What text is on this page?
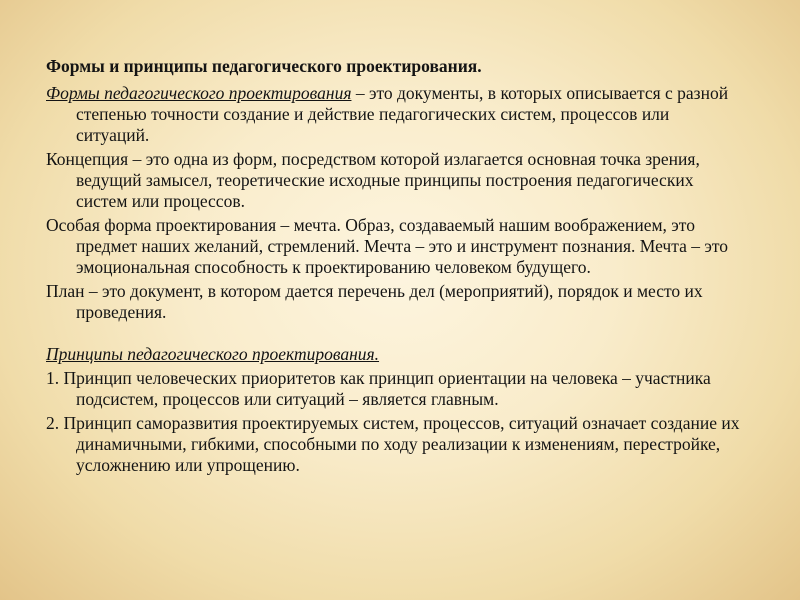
Формы и принципы педагогического проектирования.
Формы педагогического проектирования – это документы, в которых описывается с разной степенью точности создание и действие педагогических систем, процессов или ситуаций.
Концепция – это одна из форм, посредством которой излагается основная точка зрения, ведущий замысел, теоретические исходные принципы построения педагогических систем или процессов.
Особая форма проектирования – мечта. Образ, создаваемый нашим воображением, это предмет наших желаний, стремлений. Мечта – это и инструмент познания. Мечта – это эмоциональная способность к проектированию человеком будущего.
План – это документ, в котором дается перечень дел (мероприятий), порядок и место их проведения.
Принципы педагогического проектирования.
1. Принцип человеческих приоритетов как принцип ориентации на человека – участника подсистем, процессов или ситуаций – является главным.
2. Принцип саморазвития проектируемых систем, процессов, ситуаций означает создание их динамичными, гибкими, способными по ходу реализации к изменениям, перестройке, усложнению или упрощению.
